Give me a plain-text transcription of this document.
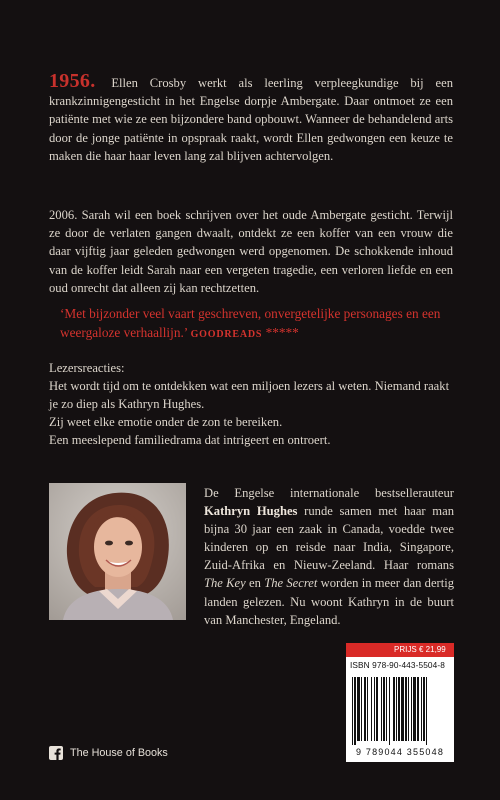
1956. Ellen Crosby werkt als leerling verpleegkundige bij een krankzinnigengesticht in het Engelse dorpje Ambergate. Daar ontmoet ze een patiënte met wie ze een bijzondere band opbouwt. Wanneer de behandelend arts door de jonge patiënte in opspraak raakt, wordt Ellen gedwongen een keuze te maken die haar haar leven lang zal blijven achtervolgen.

2006. Sarah wil een boek schrijven over het oude Ambergate gesticht. Terwijl ze door de verlaten gangen dwaalt, ontdekt ze een koffer van een vrouw die daar vijftig jaar geleden gedwongen werd opgenomen. De schokkende inhoud van de koffer leidt Sarah naar een vergeten tragedie, een verloren liefde en een oud onrecht dat alleen zij kan rechtzetten.

‘Met bijzonder veel vaart geschreven, onvergetelijke personages en een weergaloze verhaallijn.’ GOODREADS *****

Lezersreacties:

Het wordt tijd om te ontdekken wat een miljoen lezers al weten. Niemand raakt je zo diep als Kathryn Hughes.

Zij weet elke emotie onder de zon te bereiken.

Een meeslepend familiedrama dat intrigeert en ontroert.

De Engelse internationale bestsellerauteur Kathryn Hughes runde samen met haar man bijna 30 jaar een zaak in Canada, voedde twee kinderen op en reisde naar India, Singapore, Zuid-Afrika en Nieuw-Zeeland. Haar romans The Key en The Secret worden in meer dan dertig landen gelezen. Nu woont Kathryn in de buurt van Manchester, Engeland.

PRIJS € 21,99
ISBN 978-90-443-5504-8
9 789044 355048
The House of Books
